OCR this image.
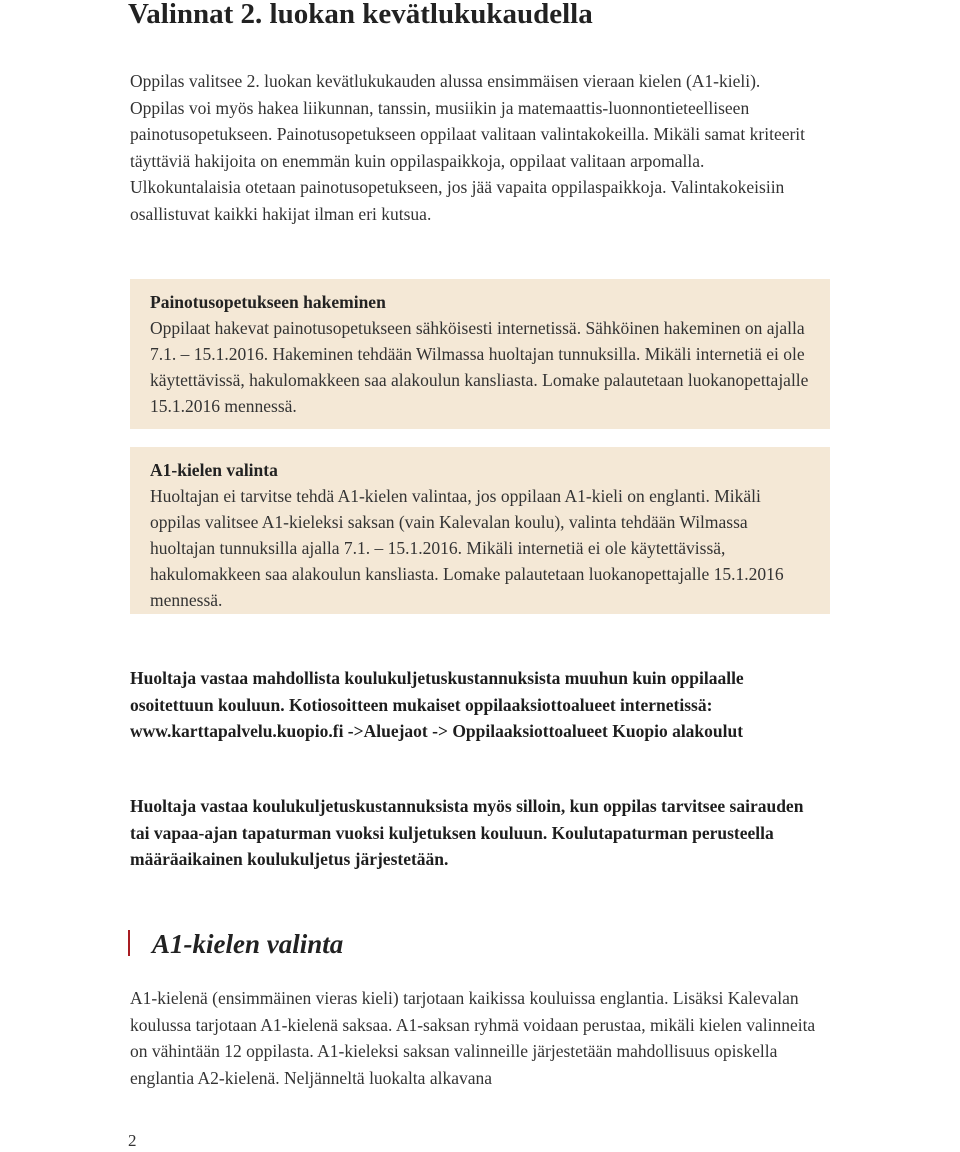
Valinnat 2. luokan kevätlukukaudella

Oppilas valitsee 2. luokan kevätlukukauden alussa ensimmäisen vieraan kielen (A1-kieli). Oppilas voi myös hakea liikunnan, tanssin, musiikin ja matemaattis-luonnontieteelliseen painotusopetukseen. Painotusopetukseen oppilaat valitaan valintakokeilla. Mikäli samat kriteerit täyttäviä hakijoita on enemmän kuin oppilaspaikkoja, oppilaat valitaan arpomalla. Ulkokuntalaisia otetaan painotusopetukseen, jos jää vapaita oppilaspaikkoja. Valintakokeisiin osallistuvat kaikki hakijat ilman eri kutsua.

Painotusopetukseen hakeminen

Oppilaat hakevat painotusopetukseen sähköisesti internetissä. Sähköinen hakeminen on ajalla 7.1. – 15.1.2016. Hakeminen tehdään Wilmassa huoltajan tunnuksilla. Mikäli internetiä ei ole käytettävissä, hakulomakkeen saa alakoulun kansliasta. Lomake palautetaan luokanopettajalle 15.1.2016 mennessä.

A1-kielen valinta

Huoltajan ei tarvitse tehdä A1-kielen valintaa, jos oppilaan A1-kieli on englanti. Mikäli oppilas valitsee A1-kieleksi saksan (vain Kalevalan koulu), valinta tehdään Wilmassa huoltajan tunnuksilla ajalla 7.1. – 15.1.2016. Mikäli internetiä ei ole käytettävissä, hakulomakkeen saa alakoulun kansliasta. Lomake palautetaan luokanopettajalle 15.1.2016 mennessä.

Huoltaja vastaa mahdollista koulukuljetuskustannuksista muuhun kuin oppilaalle osoitettuun kouluun. Kotiosoitteen mukaiset oppilaaksiottoalueet internetissä: www.karttapalvelu.kuopio.fi ->Aluejaot -> Oppilaaksiottoalueet Kuopio alakoulut

Huoltaja vastaa koulukuljetuskustannuksista myös silloin, kun oppilas tarvitsee sairauden tai vapaa-ajan tapaturman vuoksi kuljetuksen kouluun. Koulutapaturman perusteella määräaikainen koulukuljetus järjestetään.

A1-kielen valinta

A1-kielenä (ensimmäinen vieras kieli) tarjotaan kaikissa kouluissa englantia. Lisäksi Kalevalan koulussa tarjotaan A1-kielenä saksaa. A1-saksan ryhmä voidaan perustaa, mikäli kielen valinneita on vähintään 12 oppilasta. A1-kieleksi saksan valinneille järjestetään mahdollisuus opiskella englantia A2-kielenä. Neljänneltä luokalta alkavana

2
